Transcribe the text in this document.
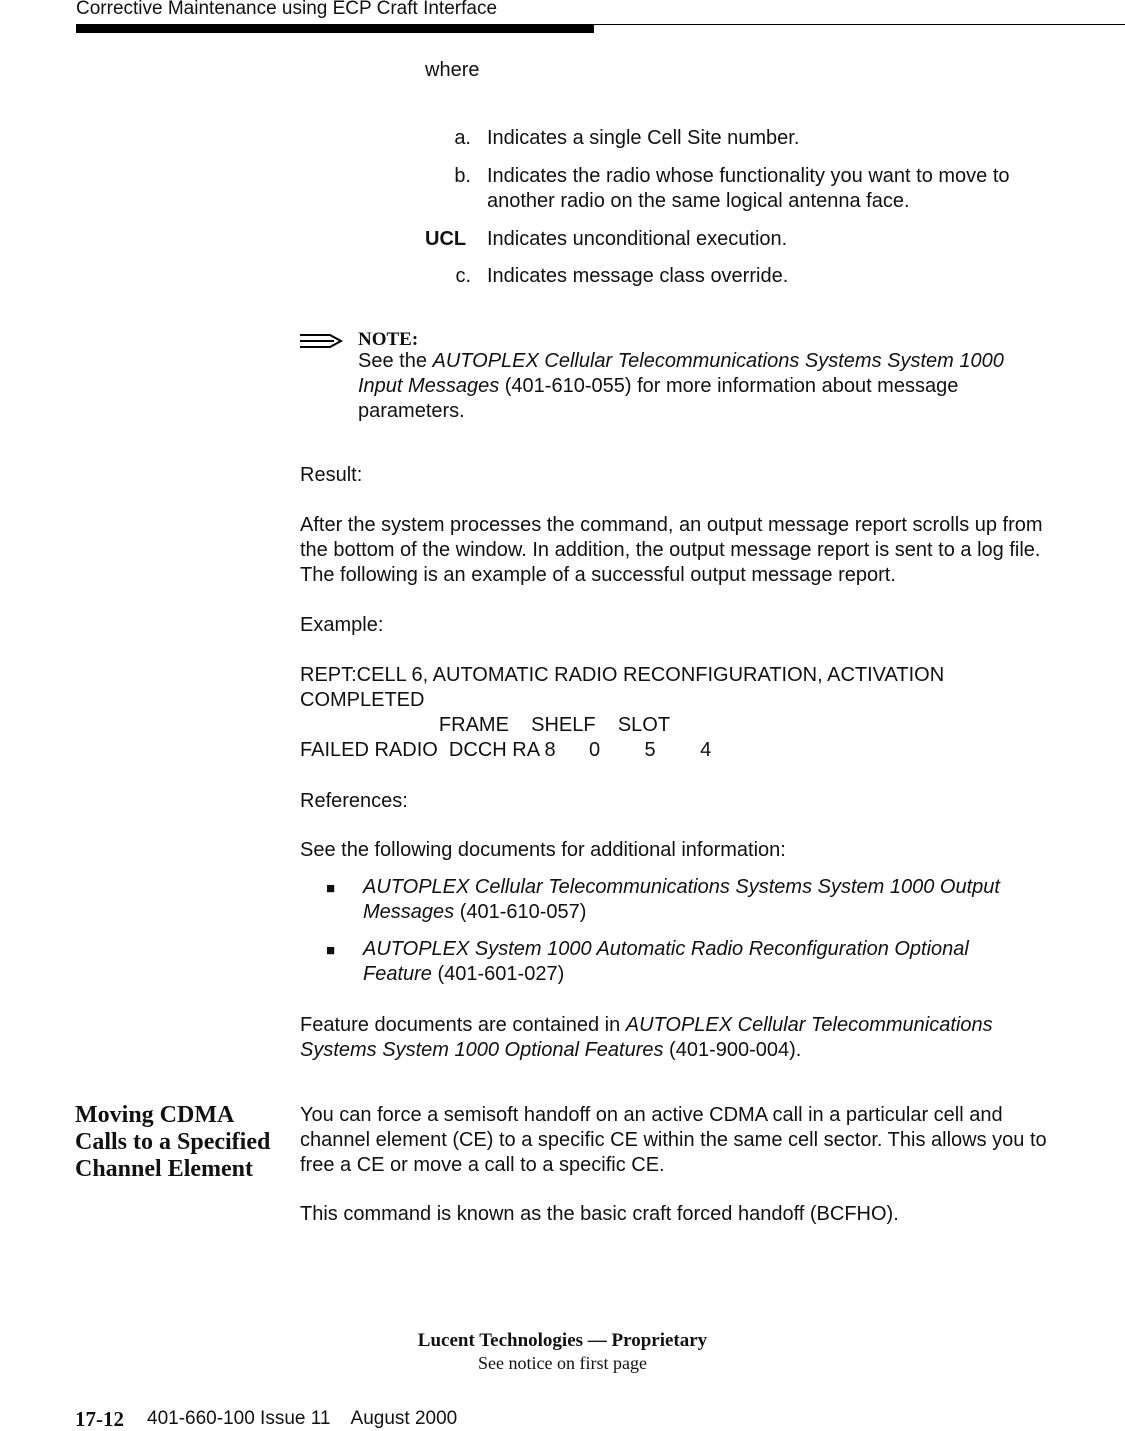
Corrective Maintenance using ECP Craft Interface
where
a. Indicates a single Cell Site number.
b. Indicates the radio whose functionality you want to move to another radio on the same logical antenna face.
UCL Indicates unconditional execution.
c. Indicates message class override.
NOTE:
See the AUTOPLEX Cellular Telecommunications Systems System 1000 Input Messages (401-610-055) for more information about message parameters.
Result:
After the system processes the command, an output message report scrolls up from the bottom of the window. In addition, the output message report is sent to a log file. The following is an example of a successful output message report.
Example:
REPT:CELL 6, AUTOMATIC RADIO RECONFIGURATION, ACTIVATION
COMPLETED
FRAME    SHELF    SLOT
FAILED RADIO  DCCH RA 8      0        5        4
References:
See the following documents for additional information:
■ AUTOPLEX Cellular Telecommunications Systems System 1000 Output Messages (401-610-057)
■ AUTOPLEX System 1000 Automatic Radio Reconfiguration Optional Feature (401-601-027)
Feature documents are contained in AUTOPLEX Cellular Telecommunications Systems System 1000 Optional Features (401-900-004).
Moving CDMA
Calls to a Specified
Channel Element
You can force a semisoft handoff on an active CDMA call in a particular cell and channel element (CE) to a specific CE within the same cell sector. This allows you to free a CE or move a call to a specific CE.
This command is known as the basic craft forced handoff (BCFHO).
Lucent Technologies — Proprietary
See notice on first page
17-12 401-660-100 Issue 11    August 2000
